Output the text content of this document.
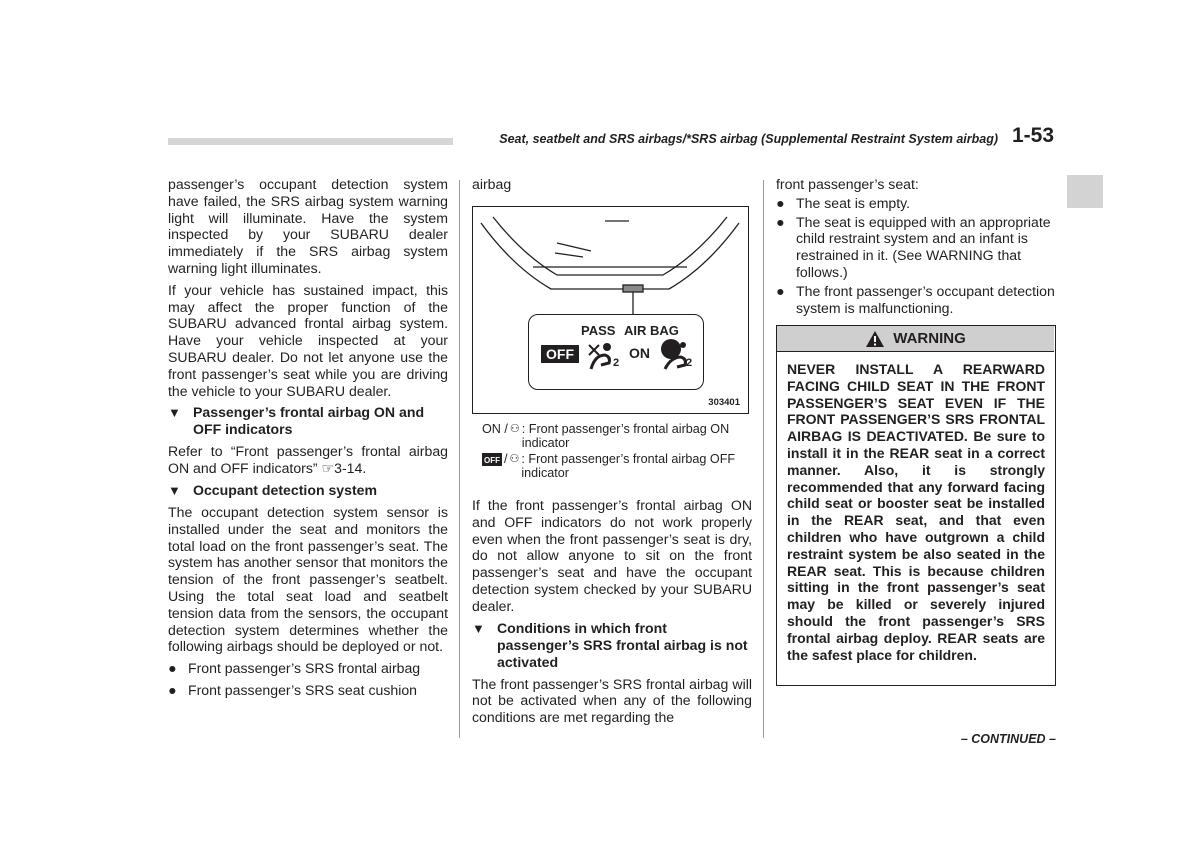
Seat, seatbelt and SRS airbags/*SRS airbag (Supplemental Restraint System airbag) 1-53

passenger’s occupant detection system have failed, the SRS airbag system warning light will illuminate. Have the system inspected by your SUBARU dealer immediately if the SRS airbag system warning light illuminates.

If your vehicle has sustained impact, this may affect the proper function of the SUBARU advanced frontal airbag system. Have your vehicle inspected at your SUBARU dealer. Do not let anyone use the front passenger’s seat while you are driving the vehicle to your SUBARU dealer.

▼ Passenger’s frontal airbag ON and OFF indicators

Refer to “Front passenger’s frontal airbag ON and OFF indicators” ☞3-14.

▼ Occupant detection system

The occupant detection system sensor is installed under the seat and monitors the total load on the front passenger’s seat. The system has another sensor that monitors the tension of the front passenger’s seatbelt. Using the total seat load and seatbelt tension data from the sensors, the occupant detection system determines whether the following airbags should be deployed or not.

● Front passenger’s SRS frontal airbag
● Front passenger’s SRS seat cushion
airbag
PASS AIR BAG
OFF
2
ON
2
303401
ON / ⚇ : Front passenger’s frontal airbag ON indicator
OFF / ⚇ : Front passenger’s frontal airbag OFF indicator

If the front passenger’s frontal airbag ON and OFF indicators do not work properly even when the front passenger’s seat is dry, do not allow anyone to sit on the front passenger’s seat and have the occupant detection system checked by your SUBARU dealer.

▼ Conditions in which front passenger’s SRS frontal airbag is not activated

The front passenger’s SRS frontal airbag will not be activated when any of the following conditions are met regarding the

front passenger’s seat:

● The seat is empty.
● The seat is equipped with an appropriate child restraint system and an infant is restrained in it. (See WARNING that follows.)
● The front passenger’s occupant detection system is malfunctioning.
WARNING
NEVER INSTALL A REARWARD FACING CHILD SEAT IN THE FRONT PASSENGER’S SEAT EVEN IF THE FRONT PASSENGER’S SRS FRONTAL AIRBAG IS DEACTIVATED. Be sure to install it in the REAR seat in a correct manner. Also, it is strongly recommended that any forward facing child seat or booster seat be installed in the REAR seat, and that even children who have outgrown a child restraint system be also seated in the REAR seat. This is because children sitting in the front passenger’s seat may be killed or severely injured should the front passenger’s SRS frontal airbag deploy. REAR seats are the safest place for children.
– CONTINUED –
